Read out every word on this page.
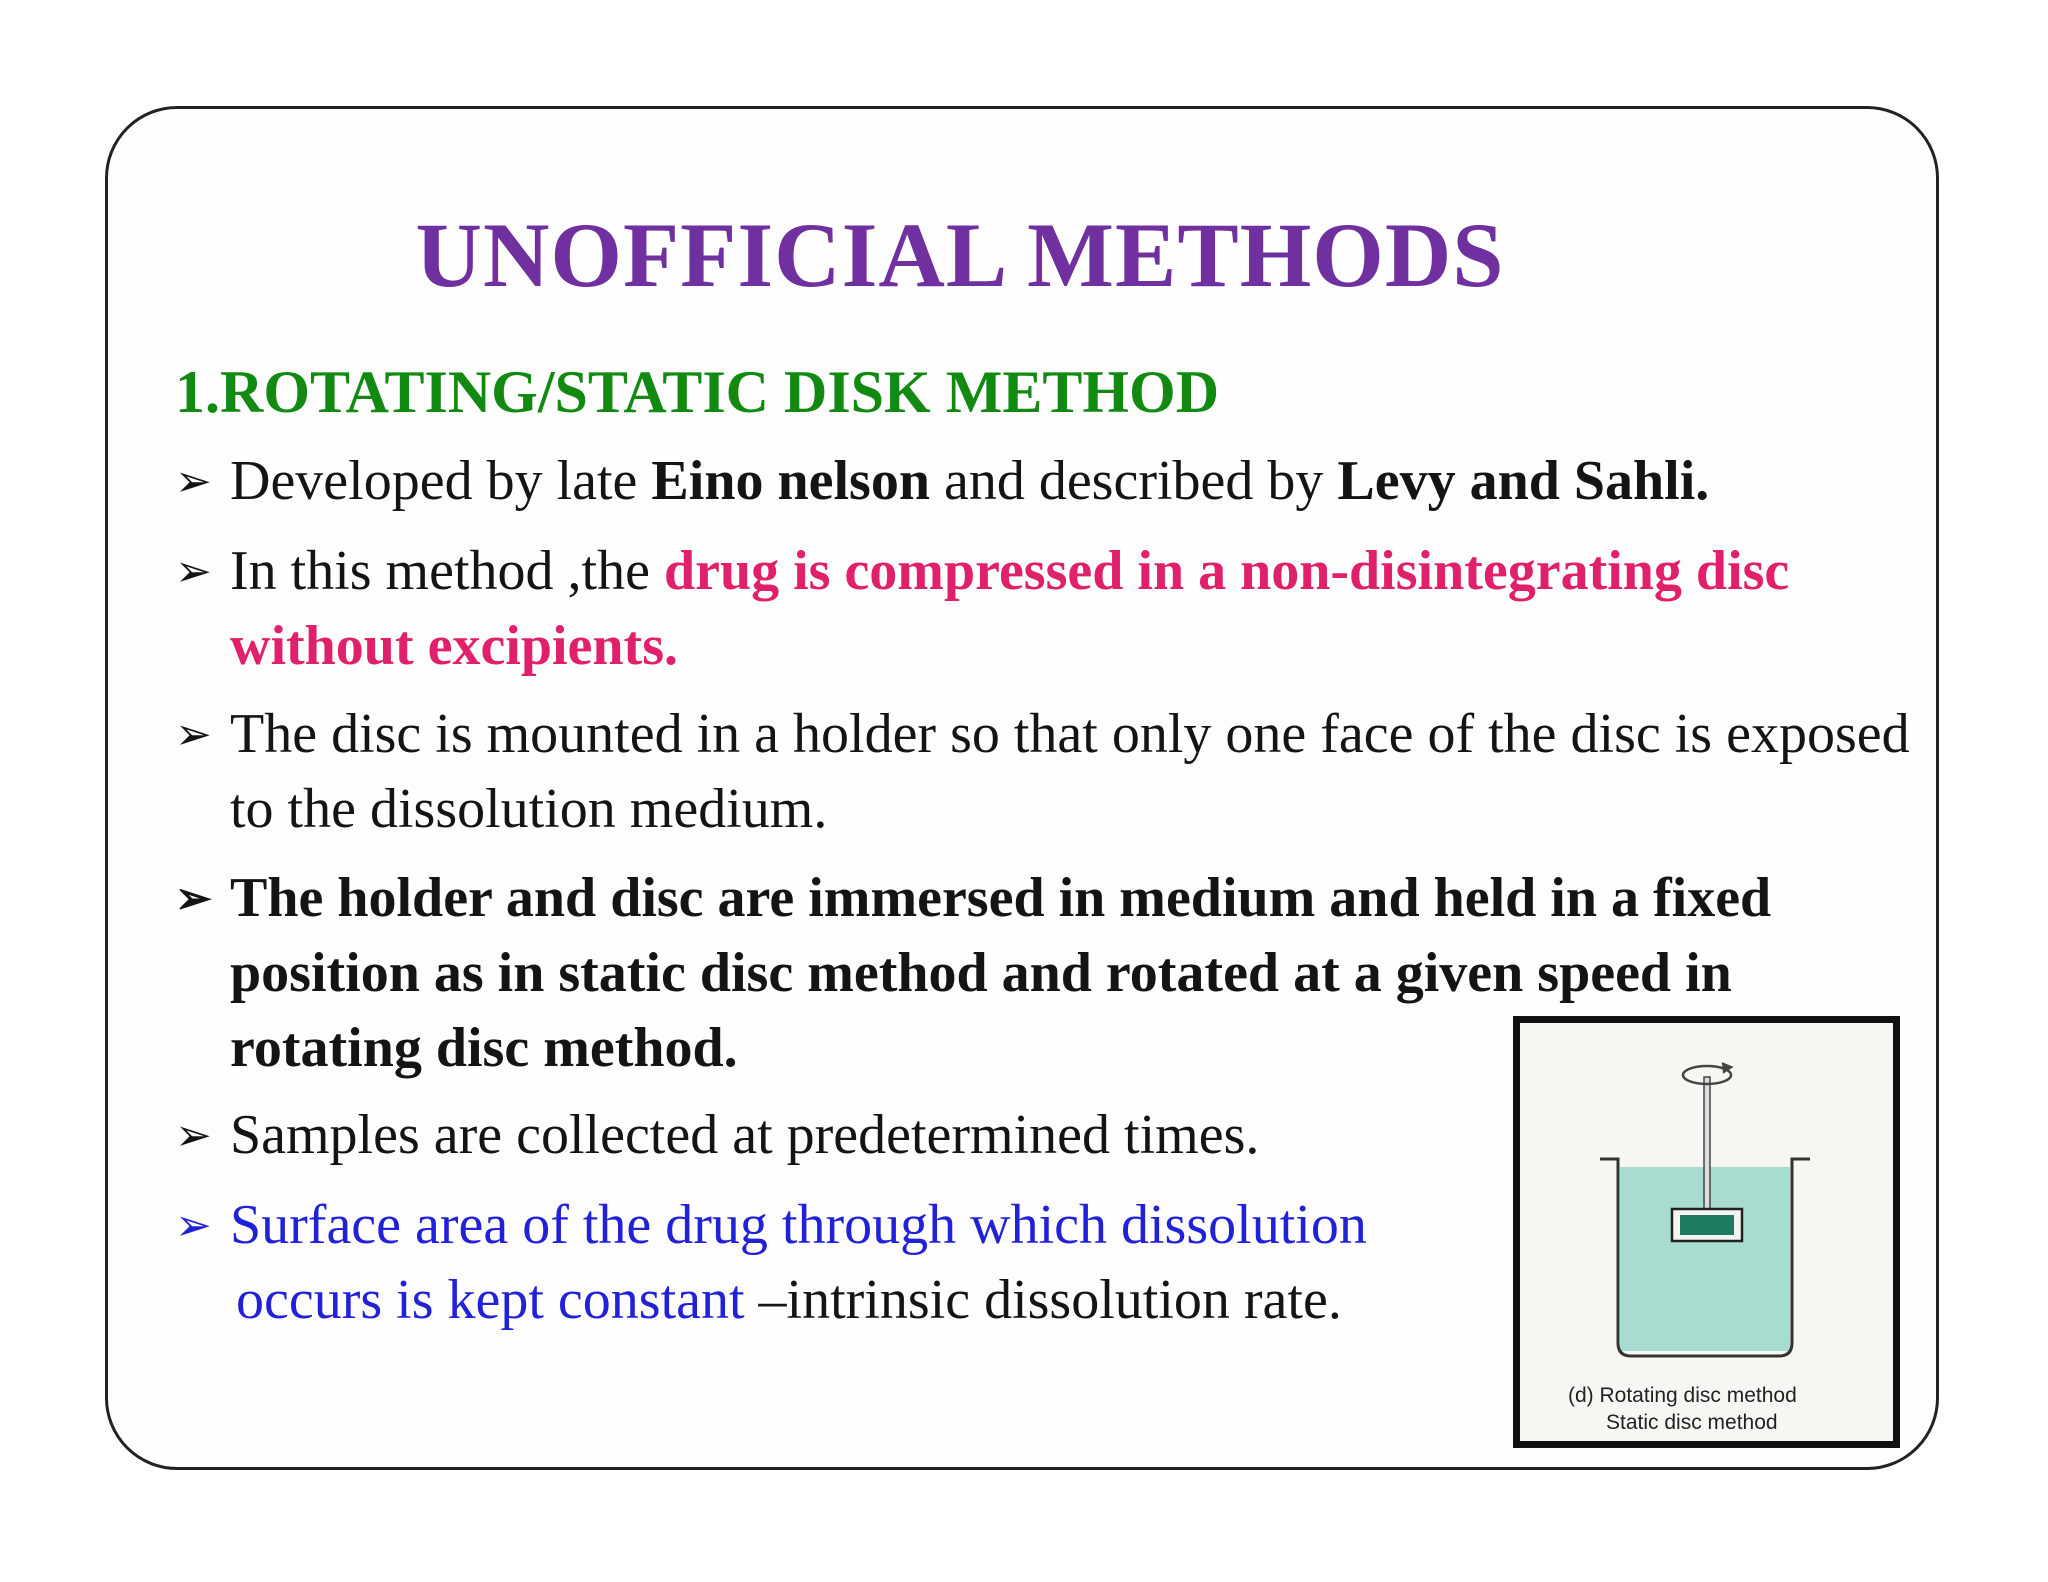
UNOFFICIAL METHODS
1.ROTATING/STATIC DISK METHOD
➢ Developed by late Eino nelson and described by Levy and Sahli.
➢ In this method ,the drug is compressed in a non-disintegrating disc without excipients.
➢ The disc is mounted in a holder so that only one face of the disc is exposed to the dissolution medium.
➢ The holder and disc are immersed in medium and held in a fixed position as in static disc method and rotated at a given speed in rotating disc method.
➢ Samples are collected at predetermined times.
➢ Surface area of the drug through which dissolution
occurs is kept constant –intrinsic dissolution rate.
(d) Rotating disc method
Static disc method
